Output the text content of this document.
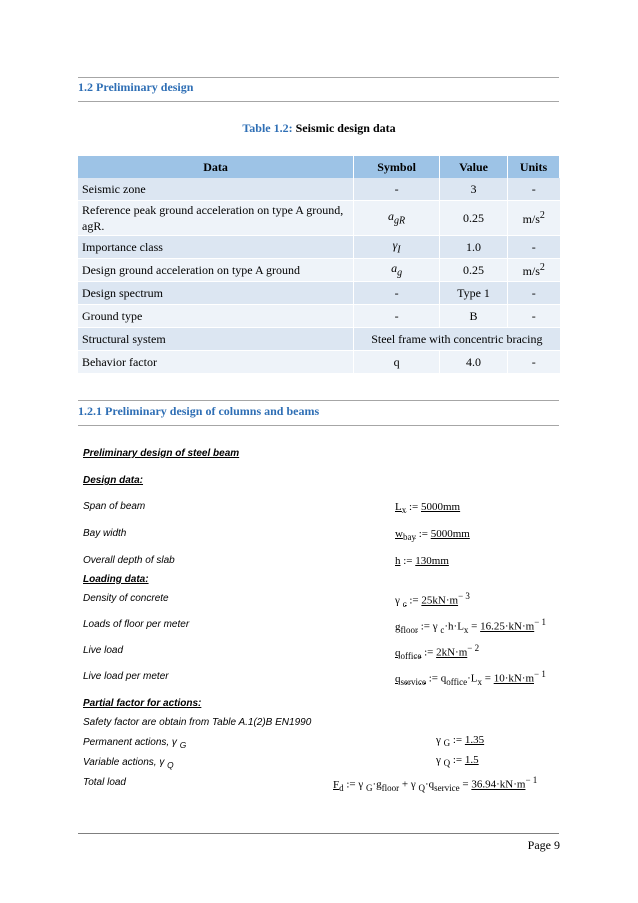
1.2 Preliminary design
Table 1.2: Seismic design data
Data	Symbol	Value	Units
Seismic zone	-	3	-
Reference peak ground acceleration on type A ground, agR.	$a_{gR}$	0.25	$m/s^2$
Importance class	$\gamma_I$	1.0	-
Design ground acceleration on type A ground	$a_g$	0.25	$m/s^2$
Design spectrum	-	Type 1	-
Ground type	-	B	-
Structural system	Steel frame with concentric bracing		
Behavior factor	q	4.0	-
1.2.1 Preliminary design of columns and beams
Preliminary design of steel beam
Design data:
Span of beam	$L_x$ := 5000mm
Bay width	$w_{bay}$ := 5000mm
Overall depth of slab	h := 130mm
Loading data:
Density of concrete	γ $_c$ := $25kN\cdot m^{- 3}$
Loads of floor per meter	$g_{floor}$ := γ $_c\cdot h\cdot L_x = 16.25\cdot kN\cdot m^{- 1}$
Live load	$q_{office}$ := $2kN\cdot m^{- 2}$
Live load per meter	$q_{service}$ := $q_{office}\cdot L_x = 10\cdot kN\cdot m^{- 1}$
Partial factor for actions:
Safety factor are obtain from Table A.1(2)B EN1990
Permanent actions, γ $_G$	γ $_G$ := 1.35
Variable actions, γ $_Q$	γ $_Q$ := 1.5
Total load	$F_d$ := γ $_G\cdot g_{floor} + \gamma$ $_Q\cdot q_{service} = 36.94\cdot kN\cdot m^{- 1}$
Page 9
